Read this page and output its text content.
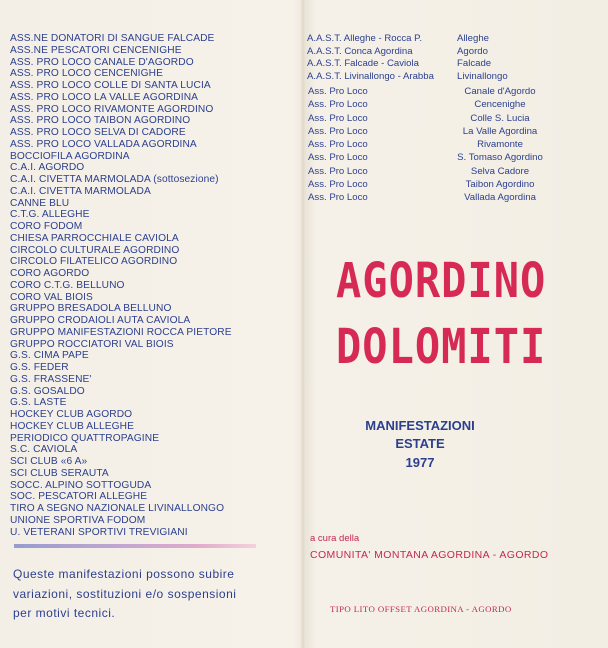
ASS.NE DONATORI DI SANGUE FALCADE
ASS.NE PESCATORI CENCENIGHE
ASS. PRO LOCO CANALE D'AGORDO
ASS. PRO LOCO CENCENIGHE
ASS. PRO LOCO COLLE DI SANTA LUCIA
ASS. PRO LOCO LA VALLE AGORDINA
ASS. PRO LOCO RIVAMONTE AGORDINO
ASS. PRO LOCO TAIBON AGORDINO
ASS. PRO LOCO SELVA DI CADORE
ASS. PRO LOCO VALLADA AGORDINA
BOCCIOFILA AGORDINA
C.A.I. AGORDO
C.A.I. CIVETTA MARMOLADA (sottosezione)
C.A.I. CIVETTA MARMOLADA
CANNE BLU
C.T.G. ALLEGHE
CORO FODOM
CHIESA PARROCCHIALE CAVIOLA
CIRCOLO CULTURALE AGORDINO
CIRCOLO FILATELICO AGORDINO
CORO AGORDO
CORO C.T.G. BELLUNO
CORO VAL BIOIS
GRUPPO BRESADOLA BELLUNO
GRUPPO CRODAIOLI AUTA CAVIOLA
GRUPPO MANIFESTAZIONI ROCCA PIETORE
GRUPPO ROCCIATORI VAL BIOIS
G.S. CIMA PAPE
G.S. FEDER
G.S. FRASSENE'
G.S. GOSALDO
G.S. LASTE
HOCKEY CLUB AGORDO
HOCKEY CLUB ALLEGHE
PERIODICO QUATTROPAGINE
S.C. CAVIOLA
SCI CLUB «6 A»
SCI CLUB SERAUTA
SOCC. ALPINO SOTTOGUDA
SOC. PESCATORI ALLEGHE
TIRO A SEGNO NAZIONALE LIVINALLONGO
UNIONE SPORTIVA FODOM
U. VETERANI SPORTIVI TREVIGIANI

Queste manifestazioni possono subire

variazioni, sostituzioni e/o sospensioni

per motivi tecnici.

A.A.S.T. Alleghe - Rocca P.	Alleghe
A.A.S.T. Conca Agordina	Agordo
A.A.S.T. Falcade - Caviola	Falcade
A.A.S.T. Livinallongo - Arabba	Livinallongo
Ass. Pro Loco	Canale d'Agordo
Ass. Pro Loco	Cencenighe
Ass. Pro Loco	Colle S. Lucia
Ass. Pro Loco	La Valle Agordina
Ass. Pro Loco	Rivamonte
Ass. Pro Loco	S. Tomaso Agordino
Ass. Pro Loco	Selva Cadore
Ass. Pro Loco	Taibon Agordino
Ass. Pro Loco	Vallada Agordina
AGORDINO
DOLOMITI
MANIFESTAZIONI
ESTATE
1977
a cura della
COMUNITA' MONTANA AGORDINA - AGORDO
TIPO LITO OFFSET AGORDINA - AGORDO
